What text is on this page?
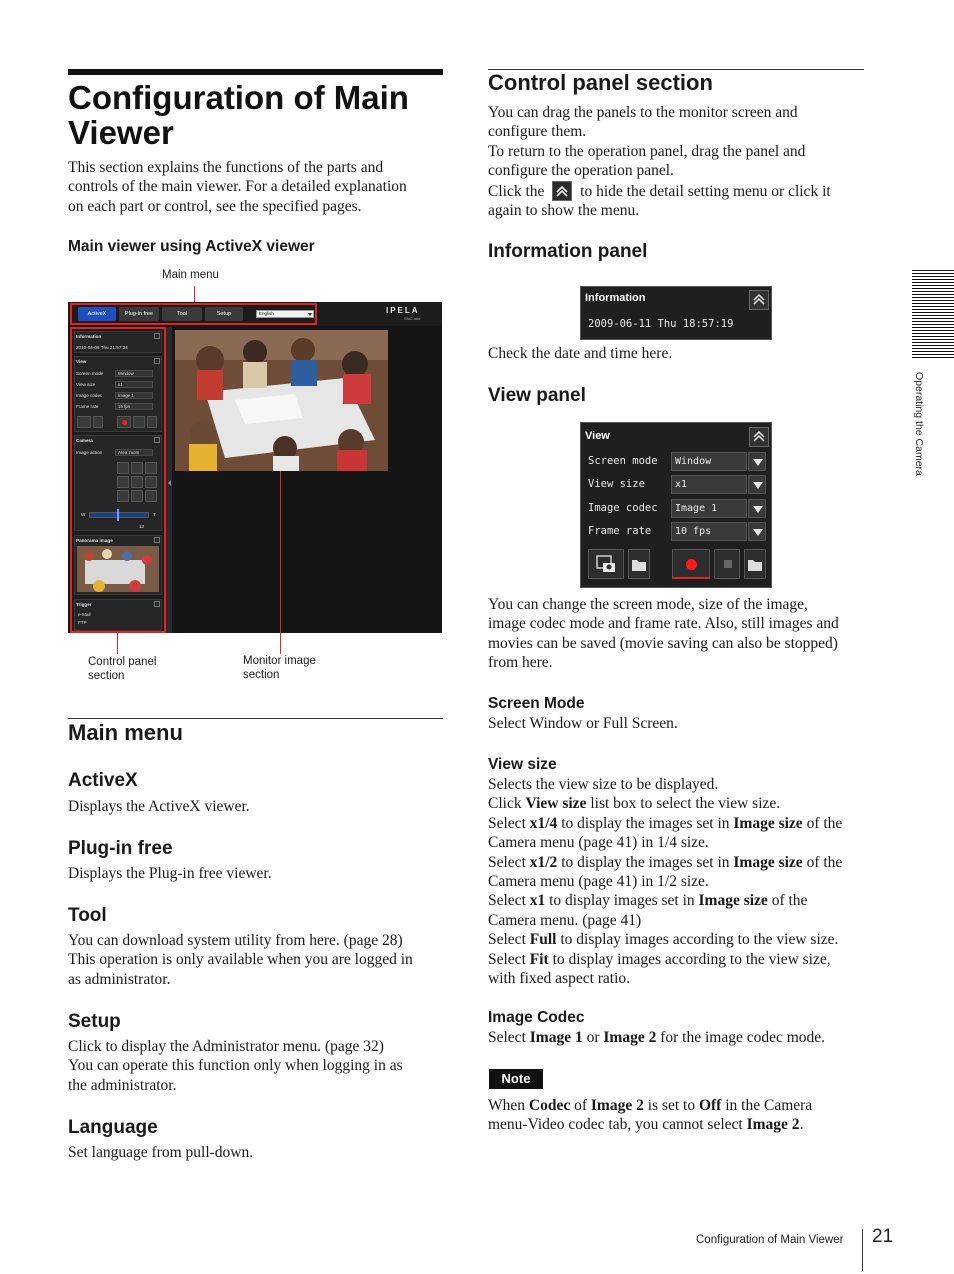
Configuration of Main
Viewer
This section explains the functions of the parts and
controls of the main viewer. For a detailed explanation
on each part or control, see the specified pages.
Main viewer using ActiveX viewer
Main menu
ActiveX	Plug-in free	Tool	Setup	English	IPELA
SNC-###
Information
2010-04-06 Thu 21:57:34
View
Screen mode	Window
View size	x1
Image codec	Image 1
Frame rate	15 fps
Camera
Image action	Area zoom
W	T
12
Panorama image
Trigger
e-Mail
FTP
Control panel
section
Monitor image
section
Main menu
ActiveX
Displays the ActiveX viewer.
Plug-in free
Displays the Plug-in free viewer.
Tool
You can download system utility from here. (page 28)
This operation is only available when you are logged in
as administrator.
Setup
Click to display the Administrator menu. (page 32)
You can operate this function only when logging in as
the administrator.
Language
Set language from pull-down.
Control panel section
You can drag the panels to the monitor screen and
configure them.
To return to the operation panel, drag the panel and
configure the operation panel.
Click the to hide the detail setting menu or click it
again to show the menu.
Information panel
Information
2009-06-11 Thu 18:57:19
Check the date and time here.
View panel
View
Screen mode	Window
View size	x1
Image codec	Image 1
Frame rate	10 fps
You can change the screen mode, size of the image,
image codec mode and frame rate. Also, still images and
movies can be saved (movie saving can also be stopped)
from here.
Screen Mode
Select Window or Full Screen.
View size
Selects the view size to be displayed.
Click View size list box to select the view size.
Select x1/4 to display the images set in Image size of the
Camera menu (page 41) in 1/4 size.
Select x1/2 to display the images set in Image size of the
Camera menu (page 41) in 1/2 size.
Select x1 to display images set in Image size of the
Camera menu. (page 41)
Select Full to display images according to the view size.
Select Fit to display images according to the view size,
with fixed aspect ratio.
Image Codec
Select Image 1 or Image 2 for the image codec mode.
Note
When Codec of Image 2 is set to Off in the Camera
menu-Video codec tab, you cannot select Image 2.
Operating the Camera
Configuration of Main Viewer 21
